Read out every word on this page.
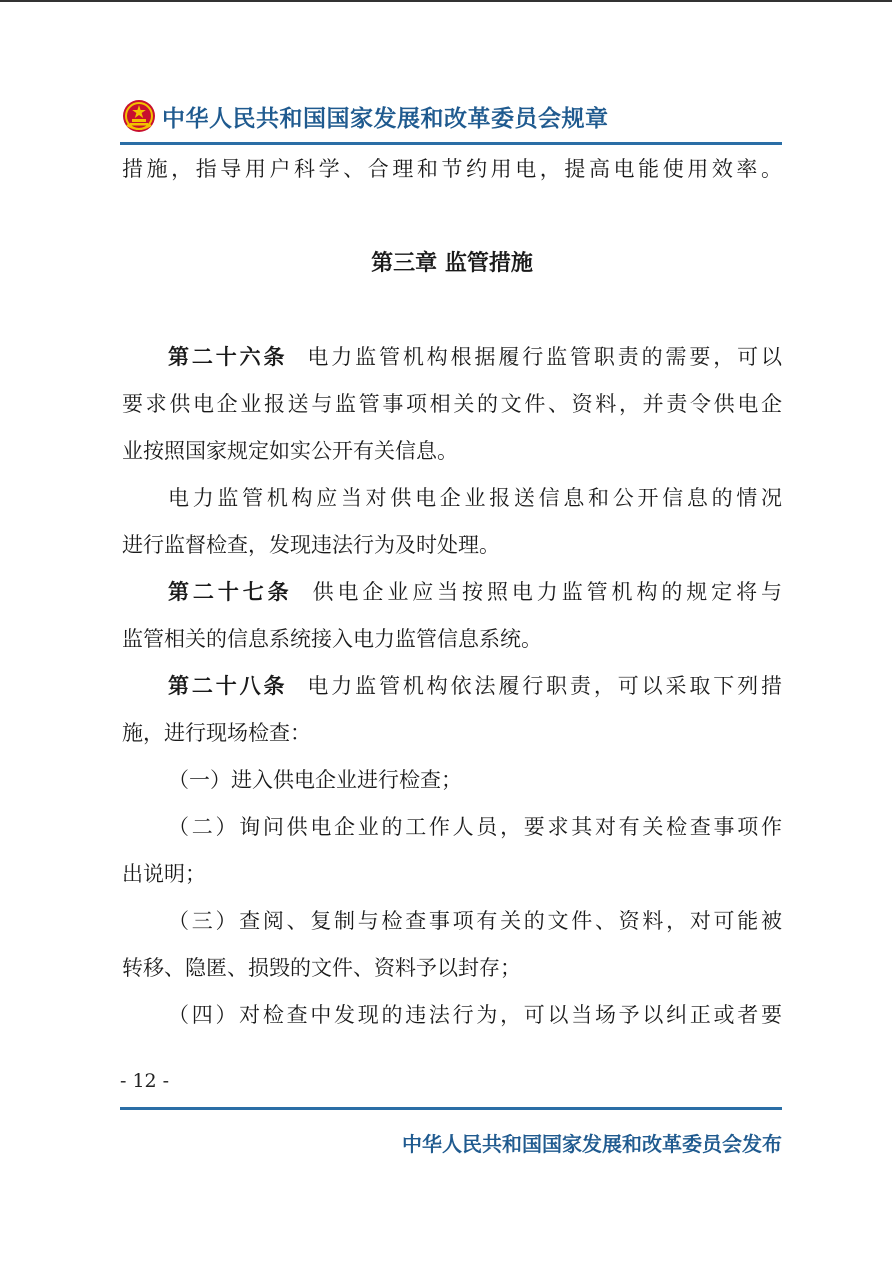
中华人民共和国国家发展和改革委员会规章
措施，指导用户科学、合理和节约用电，提高电能使用效率。
第三章 监管措施
第二十六条 电力监管机构根据履行监管职责的需要，可以
要求供电企业报送与监管事项相关的文件、资料，并责令供电企
业按照国家规定如实公开有关信息。
电力监管机构应当对供电企业报送信息和公开信息的情况
进行监督检查，发现违法行为及时处理。
第二十七条 供电企业应当按照电力监管机构的规定将与
监管相关的信息系统接入电力监管信息系统。
第二十八条 电力监管机构依法履行职责，可以采取下列措
施，进行现场检查：
（一）进入供电企业进行检查；
（二）询问供电企业的工作人员，要求其对有关检查事项作
出说明；
（三）查阅、复制与检查事项有关的文件、资料，对可能被
转移、隐匿、损毁的文件、资料予以封存；
（四）对检查中发现的违法行为，可以当场予以纠正或者要
- 12 -
中华人民共和国国家发展和改革委员会发布
